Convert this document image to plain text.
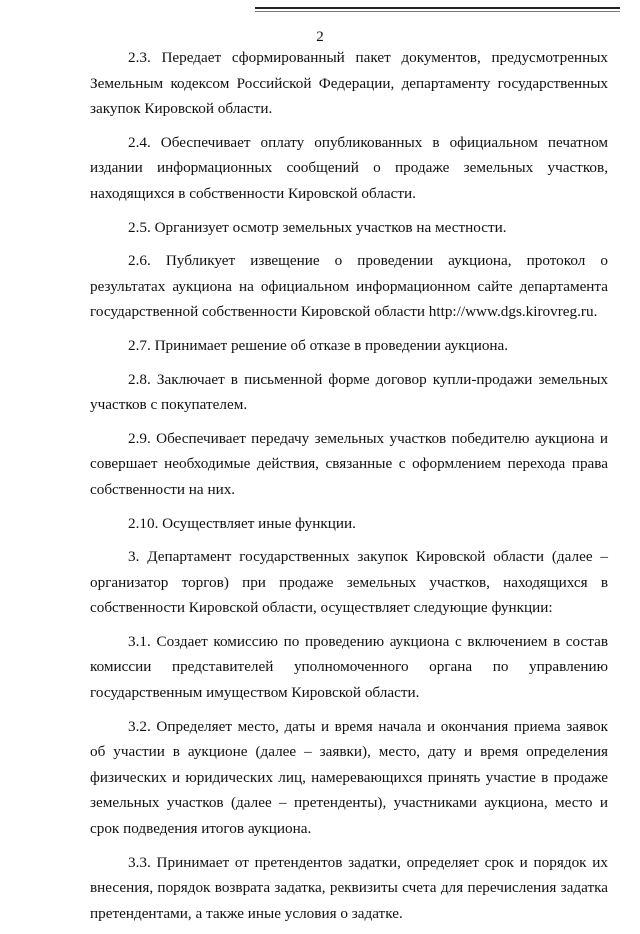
2

2.3. Передает сформированный пакет документов, предусмотренных Земельным кодексом Российской Федерации, департаменту государственных закупок Кировской области.

2.4. Обеспечивает оплату опубликованных в официальном печатном издании информационных сообщений о продаже земельных участков, находящихся в собственности Кировской области.

2.5. Организует осмотр земельных участков на местности.

2.6. Публикует извещение о проведении аукциона, протокол о результатах аукциона на официальном информационном сайте департамента государственной собственности Кировской области http://www.dgs.kirovreg.ru.

2.7. Принимает решение об отказе в проведении аукциона.

2.8. Заключает в письменной форме договор купли-продажи земельных участков с покупателем.

2.9. Обеспечивает передачу земельных участков победителю аукциона и совершает необходимые действия, связанные с оформлением перехода права собственности на них.

2.10. Осуществляет иные функции.

3. Департамент государственных закупок Кировской области (далее – организатор торгов) при продаже земельных участков, находящихся в собственности Кировской области, осуществляет следующие функции:

3.1. Создает комиссию по проведению аукциона с включением в состав комиссии представителей уполномоченного органа по управлению государственным имуществом Кировской области.

3.2. Определяет место, даты и время начала и окончания приема заявок об участии в аукционе (далее – заявки), место, дату и время определения физических и юридических лиц, намеревающихся принять участие в продаже земельных участков (далее – претенденты), участниками аукциона, место и срок подведения итогов аукциона.

3.3. Принимает от претендентов задатки, определяет срок и порядок их внесения, порядок возврата задатка, реквизиты счета для перечисления задатка претендентами, а также иные условия о задатке.
